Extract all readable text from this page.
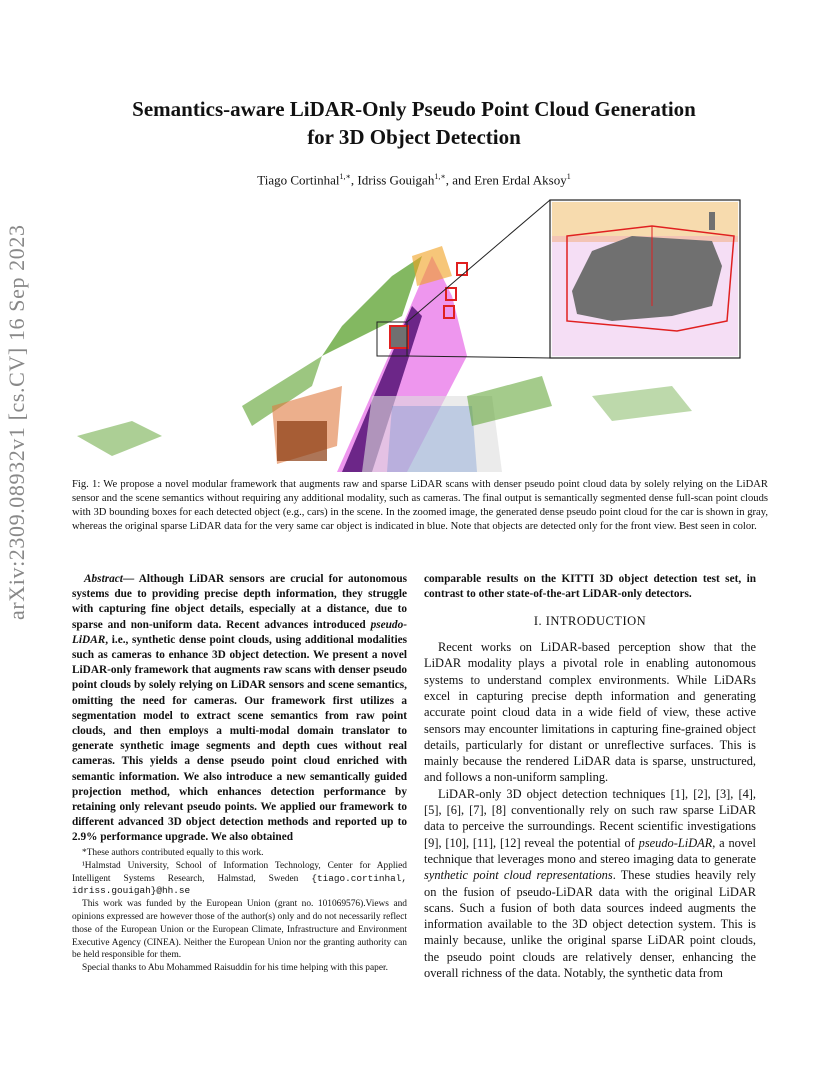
Semantics-aware LiDAR-Only Pseudo Point Cloud Generation
for 3D Object Detection
Tiago Cortinhal$^{1,∗}$, Idriss Gouigah$^{1,∗}$, and Eren Erdal Aksoy$^1$
arXiv:2309.08932v1 [cs.CV] 16 Sep 2023	Fig. 1: We propose a novel modular framework that augments raw and sparse LiDAR scans with denser pseudo point cloud data by solely relying on the LiDAR sensor and the scene semantics without requiring any additional modality, such as cameras. The final output is semantically segmented dense full-scan point clouds with 3D bounding boxes for each detected object (e.g., cars) in the scene. In the zoomed image, the generated dense pseudo point cloud for the car is shown in gray, whereas the original sparse LiDAR data for the very same car object is indicated in blue. Note that objects are detected only for the front view. Best seen in color.
Abstract— Although LiDAR sensors are crucial for autonomous systems due to providing precise depth information, they struggle with capturing fine object details, especially at a distance, due to sparse and non-uniform data. Recent advances introduced pseudo-LiDAR, i.e., synthetic dense point clouds, using additional modalities such as cameras to enhance 3D object detection. We present a novel LiDAR-only framework that augments raw scans with denser pseudo point clouds by solely relying on LiDAR sensors and scene semantics, omitting the need for cameras. Our framework first utilizes a segmentation model to extract scene semantics from raw point clouds, and then employs a multi-modal domain translator to generate synthetic image segments and depth cues without real cameras. This yields a dense pseudo point cloud enriched with semantic information. We also introduce a new semantically guided projection method, which enhances detection performance by retaining only relevant pseudo points. We applied our framework to different advanced 3D object detection methods and reported up to 2.9% performance upgrade. We also obtained

*These authors contributed equally to this work.

¹Halmstad University, School of Information Technology, Center for Applied Intelligent Systems Research, Halmstad, Sweden {tiago.cortinhal, idriss.gouigah}@hh.se

This work was funded by the European Union (grant no. 101069576).Views and opinions expressed are however those of the author(s) only and do not necessarily reflect those of the European Union or the European Climate, Infrastructure and Environment Executive Agency (CINEA). Neither the European Union nor the granting authority can be held responsible for them.

Special thanks to Abu Mohammed Raisuddin for his time helping with this paper.

comparable results on the KITTI 3D object detection test set, in contrast to other state-of-the-art LiDAR-only detectors.
I. INTRODUCTION

Recent works on LiDAR-based perception show that the LiDAR modality plays a pivotal role in enabling autonomous systems to understand complex environments. While LiDARs excel in capturing precise depth information and generating accurate point cloud data in a wide field of view, these active sensors may encounter limitations in capturing fine-grained object details, particularly for distant or unreflective surfaces. This is mainly because the rendered LiDAR data is sparse, unstructured, and follows a non-uniform sampling.

LiDAR-only 3D object detection techniques [1], [2], [3], [4], [5], [6], [7], [8] conventionally rely on such raw sparse LiDAR data to perceive the surroundings. Recent scientific investigations [9], [10], [11], [12] reveal the potential of pseudo-LiDAR, a novel technique that leverages mono and stereo imaging data to generate synthetic point cloud representations. These studies heavily rely on the fusion of pseudo-LiDAR data with the original LiDAR scans. Such a fusion of both data sources indeed augments the information available to the 3D object detection system. This is mainly because, unlike the original sparse LiDAR point clouds, the pseudo point clouds are relatively denser, enhancing the overall richness of the data. Notably, the synthetic data from
